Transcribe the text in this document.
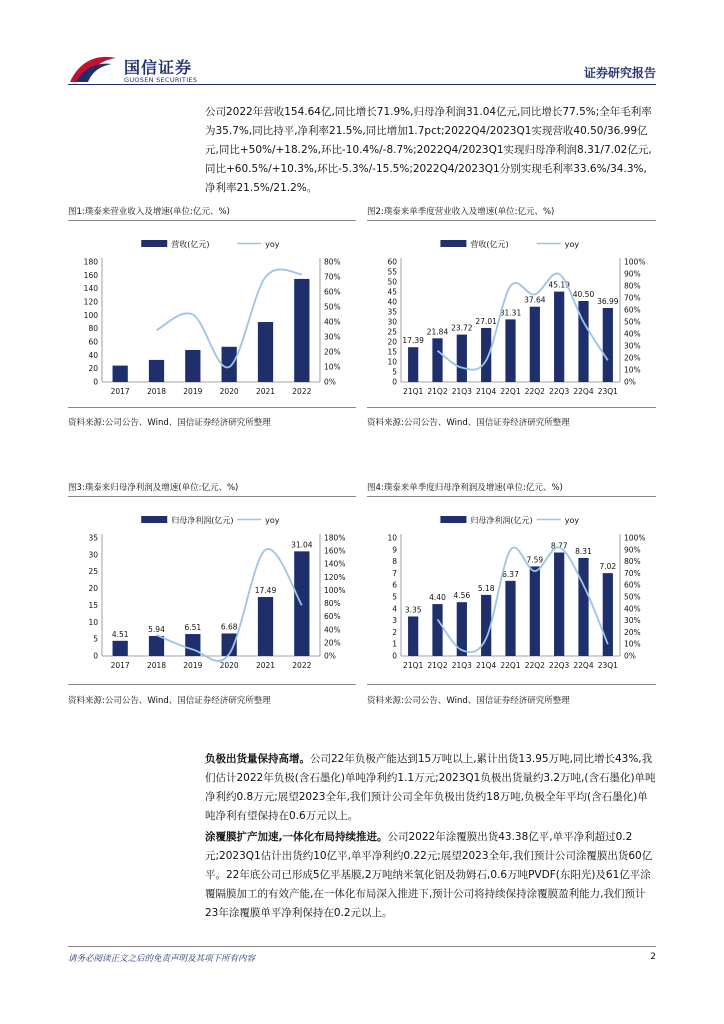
国信证券
GUOSEN SECURITIES	证券研究报告
公司2022年营收154.64亿,同比增长71.9%,归母净利润31.04亿元,同比增长77.5%;全年毛利率为35.7%,同比持平,净利率21.5%,同比增加1.7pct;2022Q4/2023Q1实现营收40.50/36.99亿元,同比+50%/+18.2%,环比-10.4%/-8.7%;2022Q4/2023Q1实现归母净利润8.31/7.02亿元,同比+60.5%/+10.3%,环比-5.3%/-15.5%;2022Q4/2023Q1分别实现毛利率33.6%/34.3%,净利率21.5%/21.2%。
图1:璞泰来营业收入及增速(单位:亿元、%)
营收(亿元)	yoy
0
20
40
60
80
100
120
140
160
180
0%
10%
20%
30%
40%
50%
60%
70%
80%
2017 2018 2019 2020 2021 2022
资料来源:公司公告、Wind、国信证券经济研究所整理
图2:璞泰来单季度营业收入及增速(单位:亿元、%)
营收(亿元)	yoy
0
5
10
15
20
25
30
35
40
45
50
55
60
0%
10%
20%
30%
40%
50%
60%
70%
80%
90%
100%
17.39
21.84 23.72
27.01
31.31
37.64
45.19
40.50
36.99
21Q1 21Q2 21Q3 21Q4 22Q1 22Q2 22Q3 22Q4 23Q1
资料来源:公司公告、Wind、国信证券经济研究所整理
图3:璞泰来归母净利润及增速(单位:亿元、%)
归母净利润(亿元)	yoy
0
5
10
15
20
25
30
35
0%
20%
40%
60%
80%
100%
120%
140%
160%
180%
4.51
5.94	6.51	6.68
17.49
31.04
2017 2018 2019 2020 2021 2022
资料来源:公司公告、Wind、国信证券经济研究所整理
图4:璞泰来单季度归母净利润及增速(单位:亿元、%)
归母净利润(亿元)	yoy
0
1
2
3
4
5
6
7
8
9
10
0%
10%
20%
30%
40%
50%
60%
70%
80%
90%
100%
3.35
4.40 4.56
5.18
6.37
7.59
8.77
8.31
7.02
21Q1 21Q2 21Q3 21Q4 22Q1 22Q2 22Q3 22Q4 23Q1
资料来源:公司公告、Wind、国信证券经济研究所整理
负极出货量保持高增。公司22年负极产能达到15万吨以上,累计出货13.95万吨,同比增长43%,我们估计2022年负极(含石墨化)单吨净利约1.1万元;2023Q1负极出货量约3.2万吨,(含石墨化)单吨净利约0.8万元;展望2023全年,我们预计公司全年负极出货约18万吨,负极全年平均(含石墨化)单吨净利有望保持在0.6万元以上。
涂覆膜扩产加速,一体化布局持续推进。公司2022年涂覆膜出货43.38亿平,单平净利超过0.2元;2023Q1估计出货约10亿平,单平净利约0.22元;展望2023全年,我们预计公司涂覆膜出货60亿平。22年底公司已形成5亿平基膜,2万吨纳米氧化铝及勃姆石,0.6万吨PVDF(东阳光)及61亿平涂覆隔膜加工的有效产能,在一体化布局深入推进下,预计公司将持续保持涂覆膜盈利能力,我们预计23年涂覆膜单平净利保持在0.2元以上。
请务必阅读正文之后的免责声明及其项下所有内容	2
